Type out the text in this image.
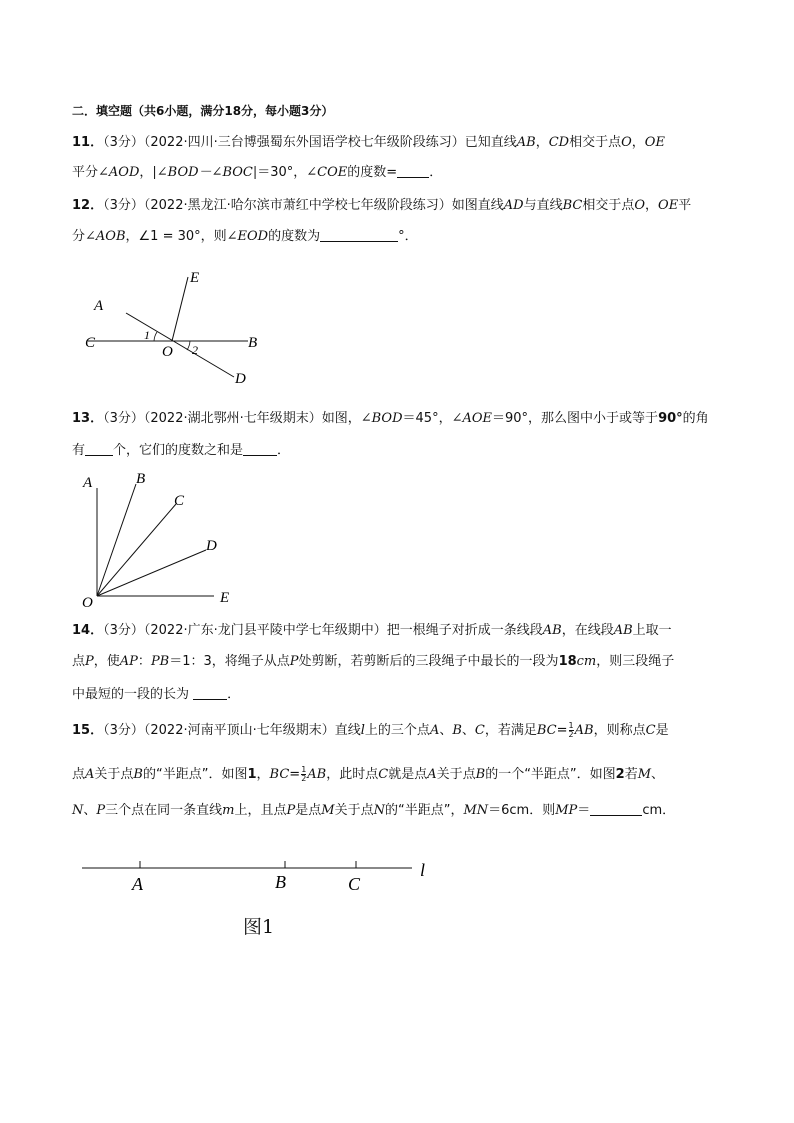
二．填空题（共6小题，满分18分，每小题3分）
11．（3分）（2022·四川·三台博强蜀东外国语学校七年级阶段练习）已知直线AB，CD相交于点O，OE
平分∠AOD，|∠BOD－∠BOC|＝30°，∠COE的度数= ．
12．（3分）（2022·黑龙江·哈尔滨市萧红中学校七年级阶段练习）如图直线AD与直线BC相交于点O，OE平
分∠AOB，∠1 = 30°，则∠EOD的度数为	°．
E
A
C	1
O 2	B
D
13．（3分）（2022·湖北鄂州·七年级期末）如图，∠BOD＝45°，∠AOE＝90°，那么图中小于或等于90°的角
有 个，它们的度数之和是	．
A	B
C
D
O	E
14．（3分）（2022·广东·龙门县平陵中学七年级期中）把一根绳子对折成一条线段AB，在线段AB上取一
点P，使AP：PB＝1：3，将绳子从点P处剪断，若剪断后的三段绳子中最长的一段为18cm，则三段绳子
中最短的一段的长为	．
15．（3分）（2022·河南平顶山·七年级期末）直线l上的三个点A、B、C，若满足$BC= \frac{1}{2}$ AB，则称点C是
点A关于点B的“半距点”．如图1，$BC= \frac{1}{2}$ AB，此时点C就是点A关于点B的一个“半距点”．如图2若M、
N、P三个点在同一条直线m上，且点P是点M关于点N的“半距点”，MN＝6cm．则MP＝	cm．
A	B	C
l
图1
